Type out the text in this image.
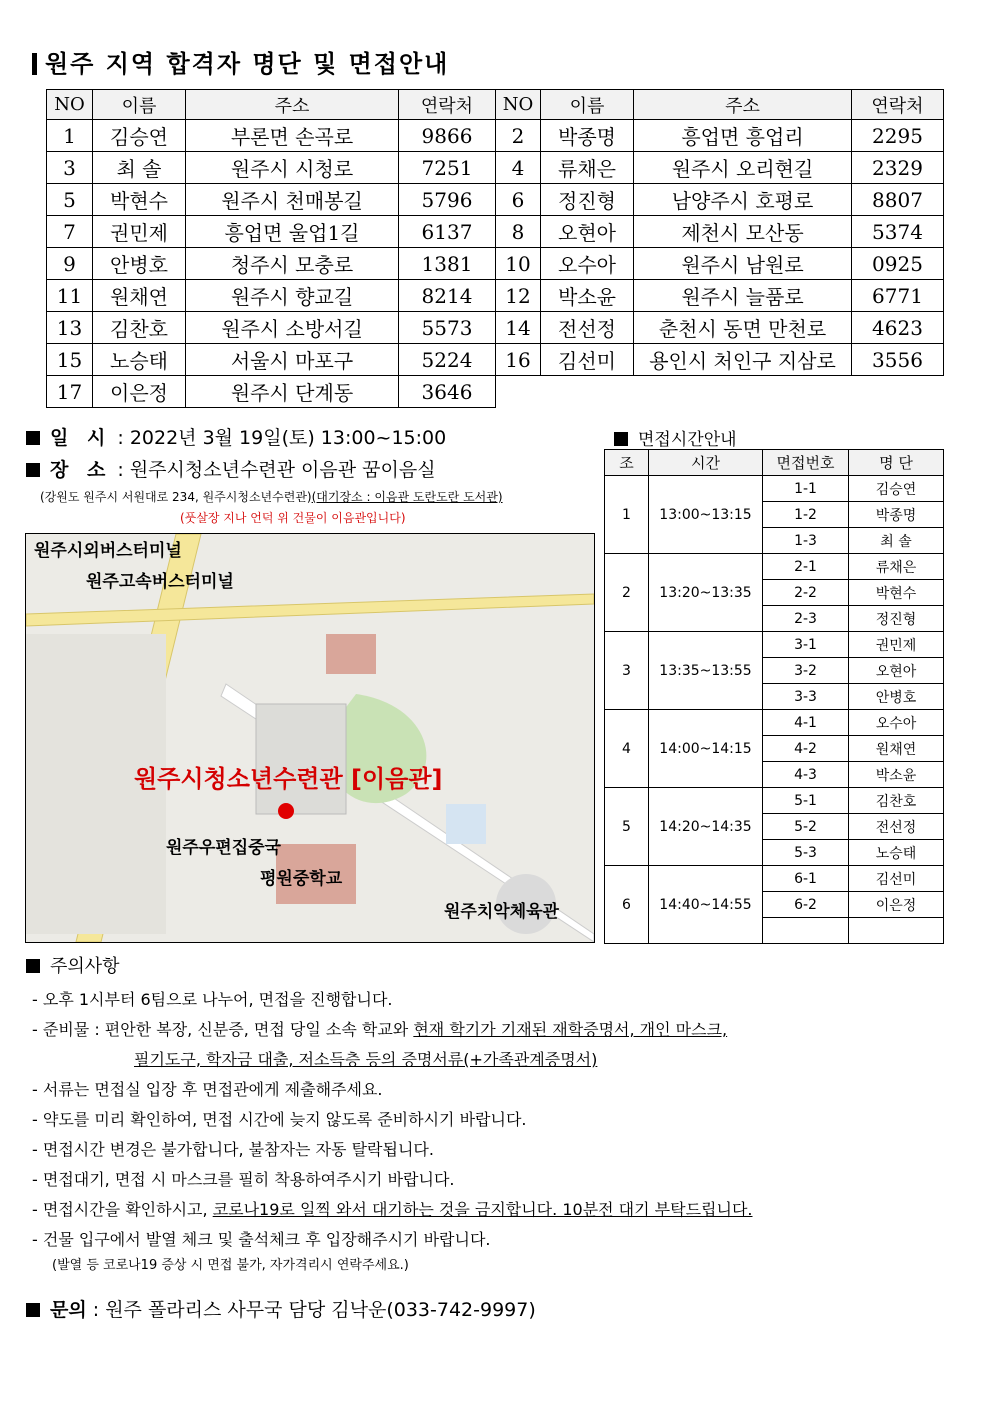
원주 지역 합격자 명단 및 면접안내
NO	이름	주소	연락처	NO	이름	주소	연락처
1	김승연	부론면 손곡로	9866	2	박종명	흥업면 흥업리	2295
3	최 솔	원주시 시청로	7251	4	류채은	원주시 오리현길	2329
5	박현수	원주시 천매봉길	5796	6	정진형	남양주시 호평로	8807
7	권민제	흥업면 울업1길	6137	8	오현아	제천시 모산동	5374
9	안병호	청주시 모충로	1381	10	오수아	원주시 남원로	0925
11	원채연	원주시 향교길	8214	12	박소윤	원주시 늘품로	6771
13	김찬호	원주시 소방서길	5573	14	전선정	춘천시 동면 만천로	4623
15	노승태	서울시 마포구	5224	16	김선미	용인시 처인구 지삼로	3556
17	이은정	원주시 단계동	3646				
일 시 : 2022년 3월 19일(토) 13:00~15:00
장 소 : 원주시청소년수련관 이음관 꿈이음실
(강원도 원주시 서원대로 234, 원주시청소년수련관)(대기장소 : 이음관 도란도란 도서관)
(풋살장 지나 언덕 위 건물이 이음관입니다)
원주시외버스터미널
원주고속버스터미널
원주시청소년수련관 [이음관]
원주우편집중국
평원중학교
원주치악체육관
면접시간안내
조	시간	면접번호	명 단
1	13:00~13:15	1-1	김승연
		1-2	박종명
		1-3	최 솔
2	13:20~13:35	2-1	류채은
		2-2	박현수
		2-3	정진형
3	13:35~13:55	3-1	권민제
		3-2	오현아
		3-3	안병호
4	14:00~14:15	4-1	오수아
		4-2	원채연
		4-3	박소윤
5	14:20~14:35	5-1	김찬호
		5-2	전선정
		5-3	노승태
6	14:40~14:55	6-1	김선미
		6-2	이은정

주의사항
- 오후 1시부터 6팀으로 나누어, 면접을 진행합니다.
- 준비물 : 편안한 복장, 신분증, 면접 당일 소속 학교와 현재 학기가 기재된 재학증명서, 개인 마스크,
필기도구, 학자금 대출, 저소득층 등의 증명서류(+가족관계증명서)
- 서류는 면접실 입장 후 면접관에게 제출해주세요.
- 약도를 미리 확인하여, 면접 시간에 늦지 않도록 준비하시기 바랍니다.
- 면접시간 변경은 불가합니다, 불참자는 자동 탈락됩니다.
- 면접대기, 면접 시 마스크를 필히 착용하여주시기 바랍니다.
- 면접시간을 확인하시고, 코로나19로 일찍 와서 대기하는 것을 금지합니다. 10분전 대기 부탁드립니다.
- 건물 입구에서 발열 체크 및 출석체크 후 입장해주시기 바랍니다.
(발열 등 코로나19 증상 시 면접 불가, 자가격리시 연락주세요.)
문의 : 원주 폴라리스 사무국 담당 김낙운(033-742-9997)
